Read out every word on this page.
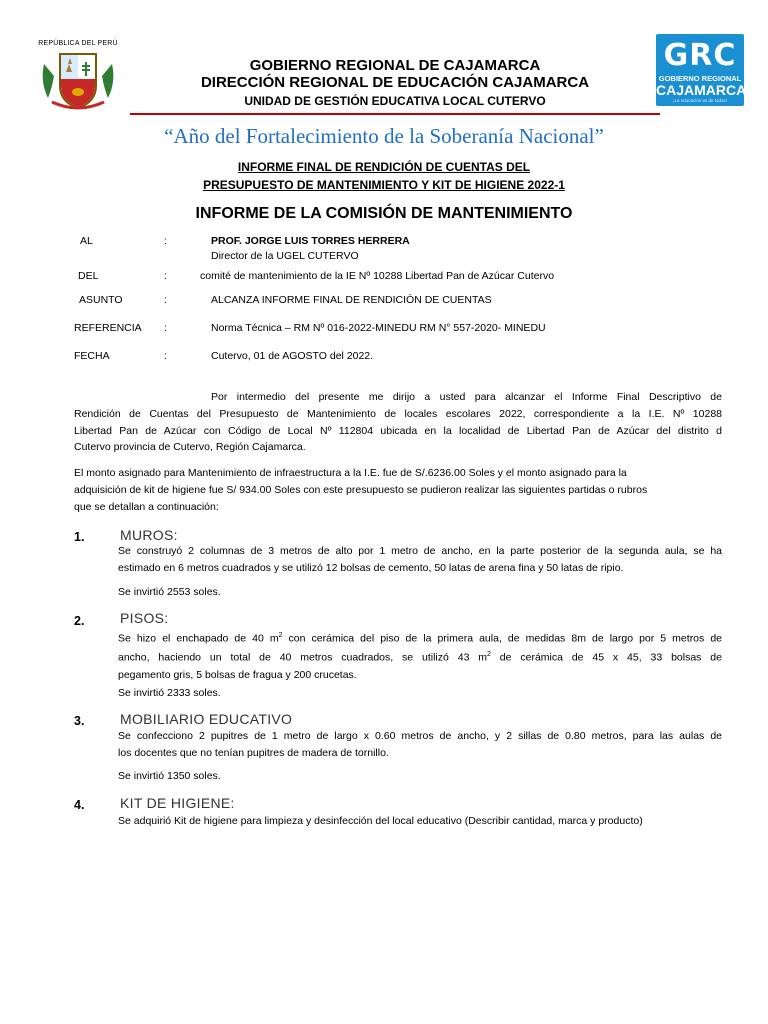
REPÚBLICA DEL PERÚ
GOBIERNO REGIONAL DE CAJAMARCA
DIRECCIÓN REGIONAL DE EDUCACIÓN CAJAMARCA
UNIDAD DE GESTIÓN EDUCATIVA LOCAL CUTERVO
GRC
GOBIERNO REGIONAL
CAJAMARCA
¡La educación es de todos!
“Año del Fortalecimiento de la Soberanía Nacional”
INFORME FINAL DE RENDICIÓN DE CUENTAS DEL
PRESUPUESTO DE MANTENIMIENTO Y KIT DE HIGIENE 2022-1
INFORME DE LA COMISIÓN DE MANTENIMIENTO
AL	:	PROF. JORGE LUIS TORRES HERRERA
Director de la UGEL CUTERVO
DEL	:	comité de mantenimiento de la IE Nº 10288 Libertad Pan de Azúcar Cutervo
ASUNTO	:	ALCANZA INFORME FINAL DE RENDICIÓN DE CUENTAS
REFERENCIA :	Norma Técnica – RM Nº 016-2022-MINEDU RM N° 557-2020- MINEDU
FECHA	:	Cutervo, 01 de AGOSTO del 2022.
Por intermedio del presente me dirijo a usted para alcanzar el Informe Final Descriptivo de
Rendición de Cuentas del Presupuesto de Mantenimiento de locales escolares 2022, correspondiente a la I.E. Nº 10288
Libertad Pan de Azúcar con Código de Local Nº 112804 ubicada en la localidad de Libertad Pan de Azúcar del distrito d
Cutervo provincia de Cutervo, Región Cajamarca.
El monto asignado para Mantenimiento de infraestructura a la I.E. fue de S/.6236.00 Soles y el monto asignado para la
adquisición de kit de higiene fue S/ 934.00 Soles con este presupuesto se pudieron realizar las siguientes partidas o rubros
que se detallan a continuación:
1.	MUROS:
Se construyó 2 columnas de 3 metros de alto por 1 metro de ancho, en la parte posterior de la segunda aula, se ha
estimado en 6 metros cuadrados y se utilizó 12 bolsas de cemento, 50 latas de arena fina y 50 latas de ripio.
Se invirtió 2553 soles.
2.	PISOS:
Se hizo el enchapado de 40 $m^2$ con cerámica del piso de la primera aula, de medidas 8m de largo por 5 metros de
ancho, haciendo un total de 40 metros cuadrados, se utilizó 43 $m^2$ de cerámica de 45 x 45, 33 bolsas de
pegamento gris, 5 bolsas de fragua y 200 crucetas.
Se invirtió 2333 soles.
3.	MOBILIARIO EDUCATIVO
Se confecciono 2 pupitres de 1 metro de largo x 0.60 metros de ancho, y 2 sillas de 0.80 metros, para las aulas de
los docentes que no tenían pupitres de madera de tornillo.
Se invirtió 1350 soles.
4.	KIT DE HIGIENE:
Se adquirió Kit de higiene para limpieza y desinfección del local educativo (Describir cantidad, marca y producto)
